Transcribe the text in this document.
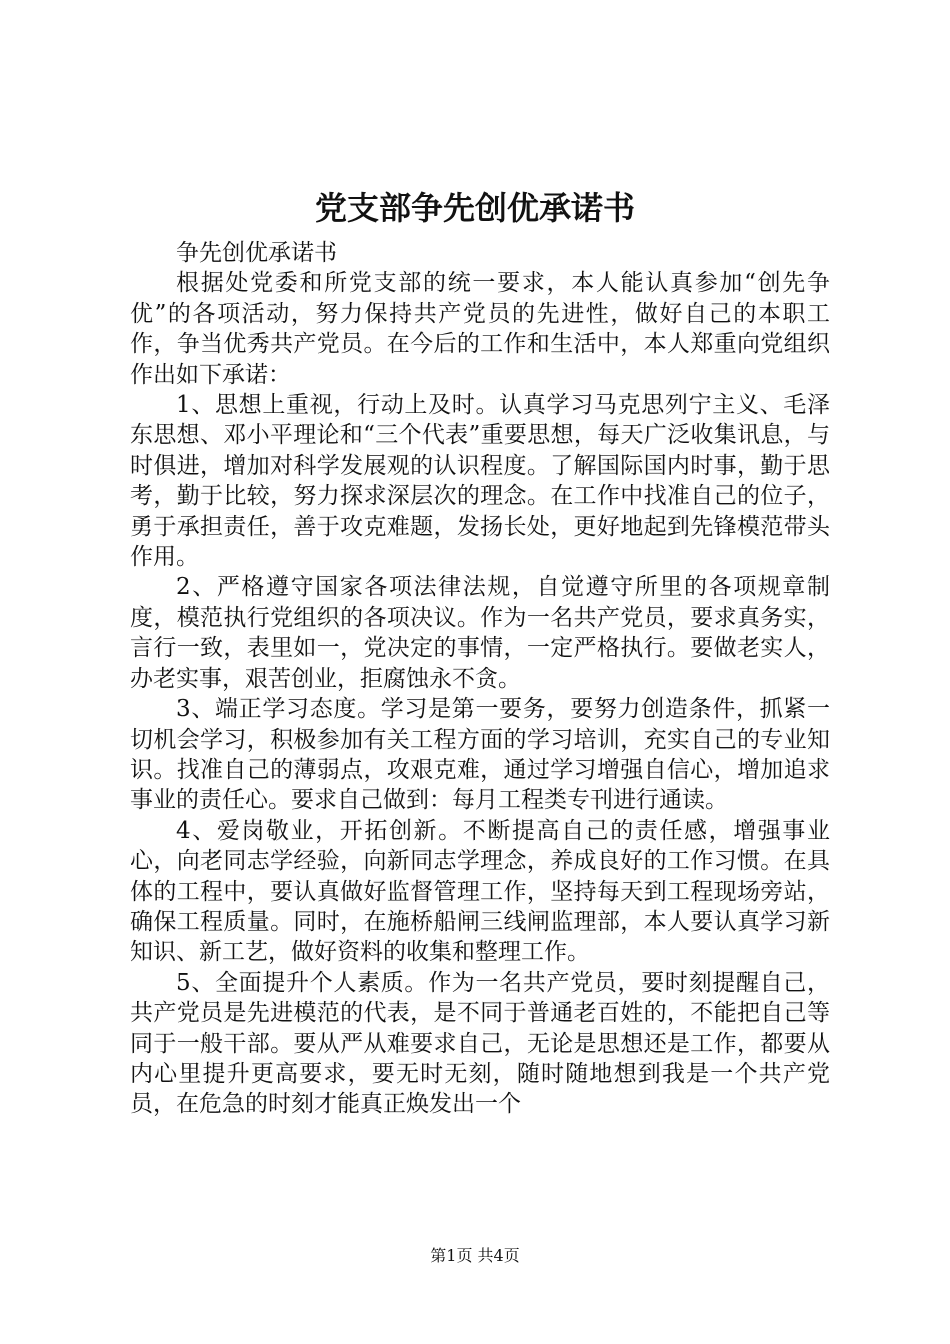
党支部争先创优承诺书

争先创优承诺书

根据处党委和所党支部的统一要求，本人能认真参加“创先争优”的各项活动，努力保持共产党员的先进性，做好自己的本职工作，争当优秀共产党员。在今后的工作和生活中，本人郑重向党组织作出如下承诺：

1、思想上重视，行动上及时。认真学习马克思列宁主义、毛泽东思想、邓小平理论和“三个代表”重要思想，每天广泛收集讯息，与时俱进，增加对科学发展观的认识程度。了解国际国内时事，勤于思考，勤于比较，努力探求深层次的理念。在工作中找准自己的位子，勇于承担责任，善于攻克难题，发扬长处，更好地起到先锋模范带头作用。

2、严格遵守国家各项法律法规，自觉遵守所里的各项规章制度，模范执行党组织的各项决议。作为一名共产党员，要求真务实，言行一致，表里如一，党决定的事情，一定严格执行。要做老实人，办老实事，艰苦创业，拒腐蚀永不贪。

3、端正学习态度。学习是第一要务，要努力创造条件，抓紧一切机会学习，积极参加有关工程方面的学习培训，充实自己的专业知识。找准自己的薄弱点，攻艰克难，通过学习增强自信心，增加追求事业的责任心。要求自己做到：每月工程类专刊进行通读。

4、爱岗敬业，开拓创新。不断提高自己的责任感，增强事业心，向老同志学经验，向新同志学理念，养成良好的工作习惯。在具体的工程中，要认真做好监督管理工作，坚持每天到工程现场旁站，确保工程质量。同时，在施桥船闸三线闸监理部，本人要认真学习新知识、新工艺，做好资料的收集和整理工作。

5、全面提升个人素质。作为一名共产党员，要时刻提醒自己，共产党员是先进模范的代表，是不同于普通老百姓的，不能把自己等同于一般干部。要从严从难要求自己，无论是思想还是工作，都要从内心里提升更高要求，要无时无刻，随时随地想到我是一个共产党员，在危急的时刻才能真正焕发出一个

第1页 共4页
